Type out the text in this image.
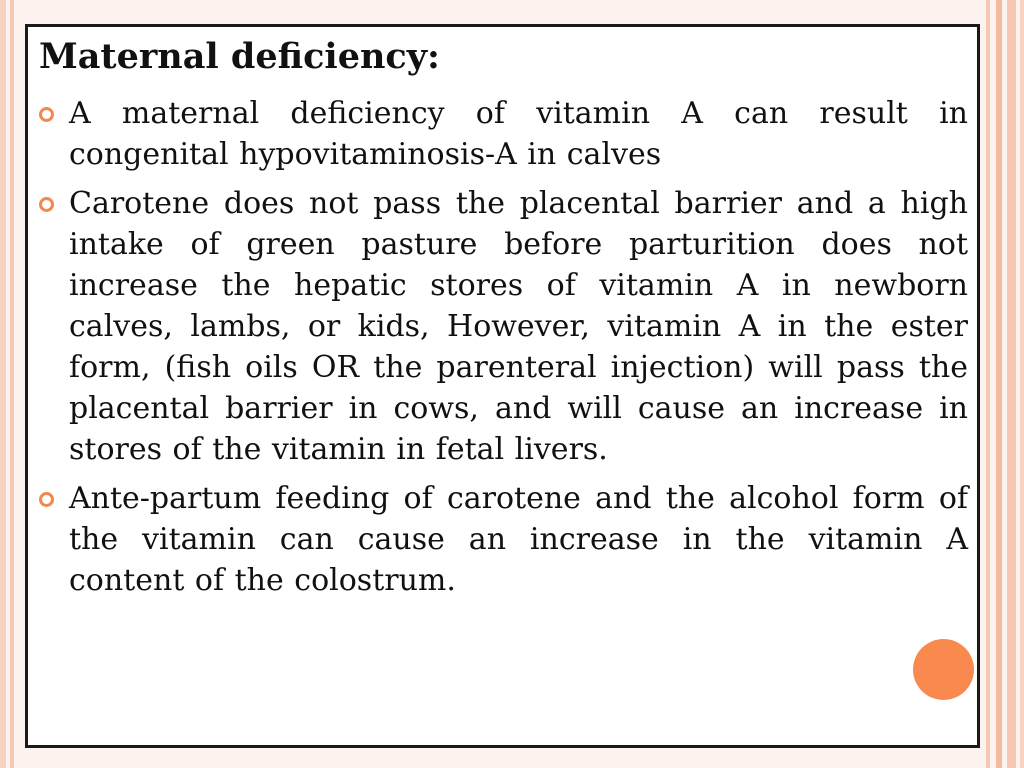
Maternal deficiency:
A maternal deficiency of vitamin A can result in congenital hypovitaminosis-A in calves
Carotene does not pass the placental barrier and a high intake of green pasture before parturition does not increase the hepatic stores of vitamin A in newborn calves, lambs, or kids, However, vitamin A in the ester form, (fish oils OR the parenteral injection) will pass the placental barrier in cows, and will cause an increase in stores of the vitamin in fetal livers.
Ante-partum feeding of carotene and the alcohol form of the vitamin can cause an increase in the vitamin A content of the colostrum.
